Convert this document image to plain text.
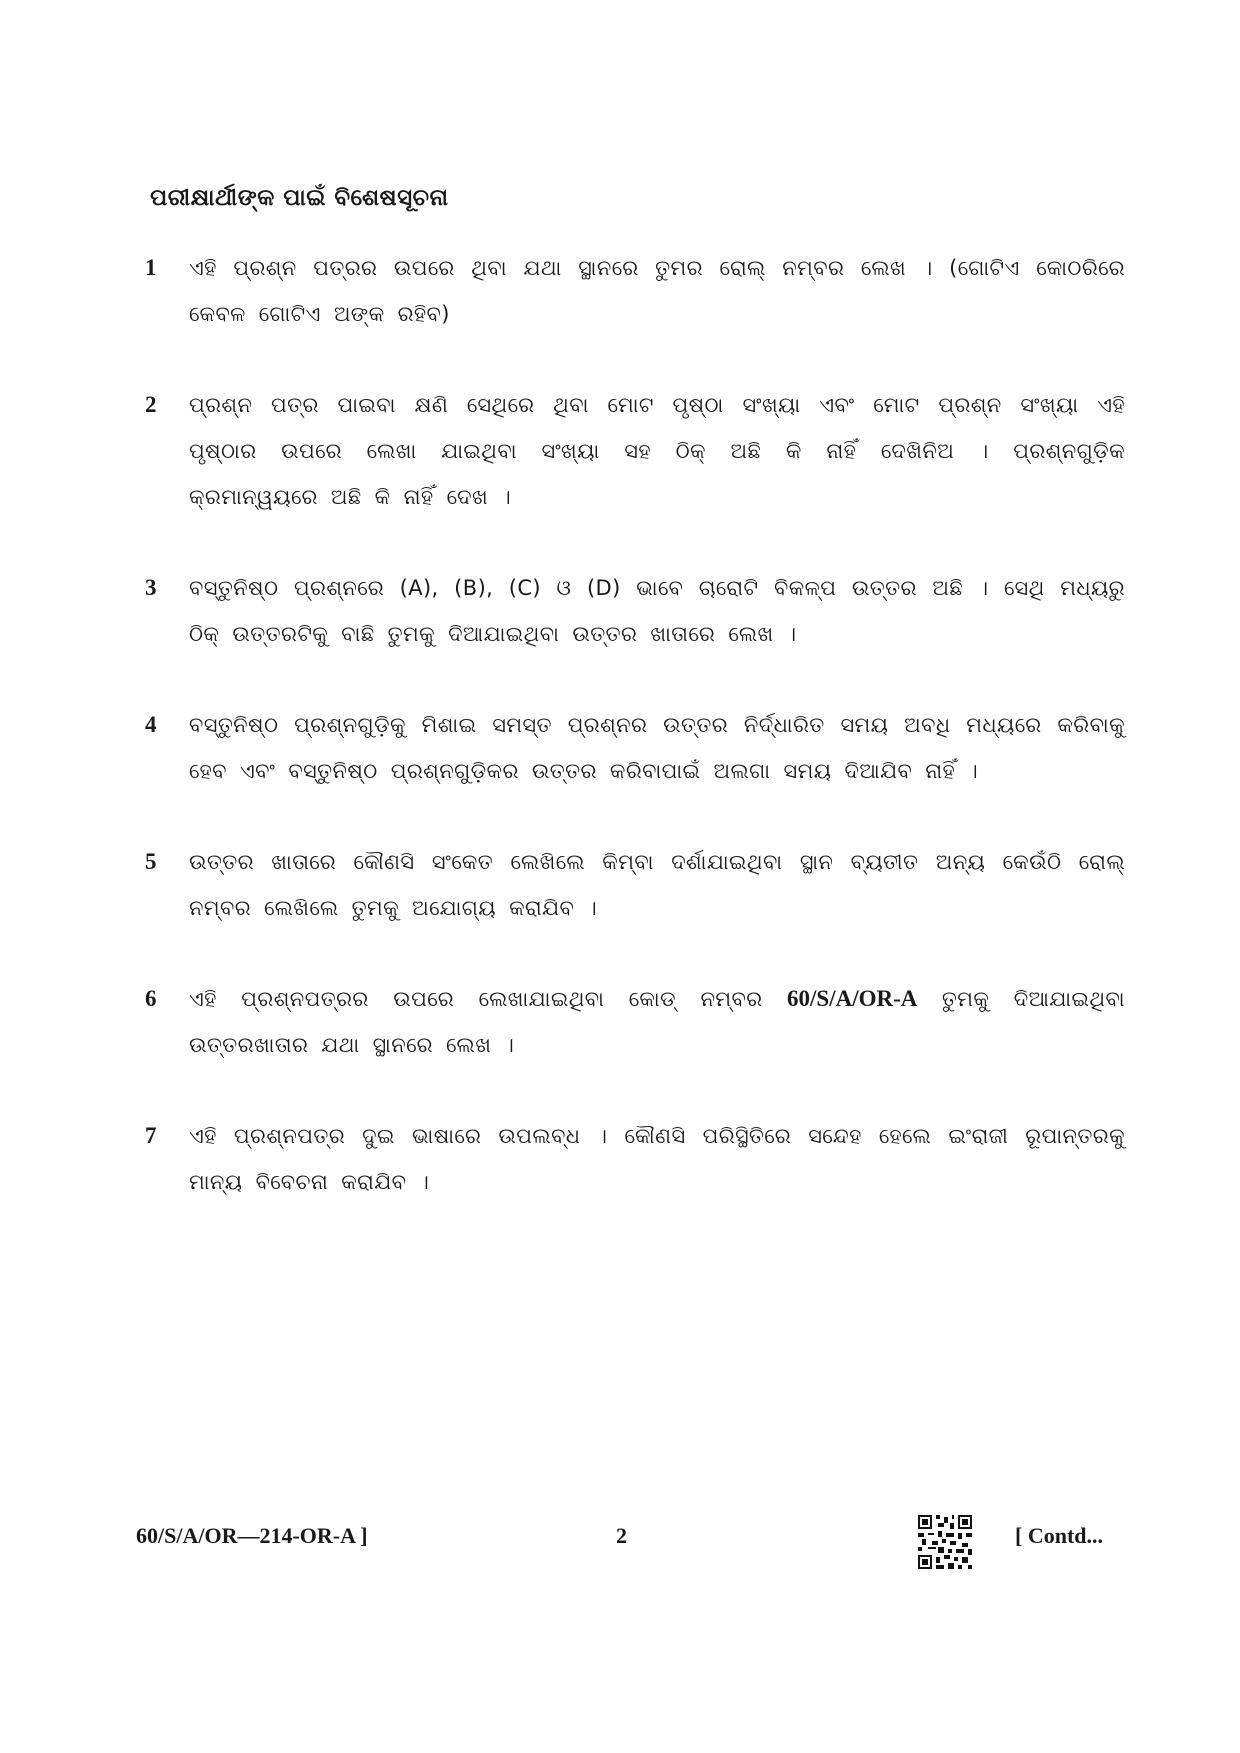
ପରୀକ୍ଷାର୍ଥୀଙ୍କ ପାଇଁ ବିଶେଷସୂଚନା
1	ଏହି ପ୍ରଶ୍ନ ପତ୍ରର ଉପରେ ଥିବା ଯଥା ସ୍ଥାନରେ ତୁମର ରୋଲ୍ ନମ୍ବର ଲେଖ । (ଗୋଟିଏ କୋଠରିରେ କେବଳ ଗୋଟିଏ ଅଙ୍କ ରହିବ)
2	ପ୍ରଶ୍ନ ପତ୍ର ପାଇବା କ୍ଷଣି ସେଥିରେ ଥିବା ମୋଟ ପୃଷ୍ଠା ସଂଖ୍ୟା ଏବଂ ମୋଟ ପ୍ରଶ୍ନ ସଂଖ୍ୟା ଏହି ପୃଷ୍ଠାର ଉପରେ ଲେଖା ଯାଇଥିବା ସଂଖ୍ୟା ସହ ଠିକ୍ ଅଛି କି ନାହିଁ ଦେଖିନିଅ । ପ୍ରଶ୍ନଗୁଡ଼ିକ କ୍ରମାନ୍ୱୟରେ ଅଛି କି ନାହିଁ ଦେଖ ।
3	ବସ୍ତୁନିଷ୍ଠ ପ୍ରଶ୍ନରେ (A), (B), (C) ଓ (D) ଭାବେ ଚାରୋଟି ବିକଳ୍ପ ଉତ୍ତର ଅଛି । ସେଥି ମଧ୍ୟରୁ ଠିକ୍ ଉତ୍ତରଟିକୁ ବାଛି ତୁମକୁ ଦିଆଯାଇଥିବା ଉତ୍ତର ଖାତାରେ ଲେଖ ।
4	ବସ୍ତୁନିଷ୍ଠ ପ୍ରଶ୍ନଗୁଡ଼ିକୁ ମିଶାଇ ସମସ୍ତ ପ୍ରଶ୍ନର ଉତ୍ତର ନିର୍ଦ୍ଧାରିତ ସମୟ ଅବଧି ମଧ୍ୟରେ କରିବାକୁ ହେବ ଏବଂ ବସ୍ତୁନିଷ୍ଠ ପ୍ରଶ୍ନଗୁଡ଼ିକର ଉତ୍ତର କରିବାପାଇଁ ଅଲଗା ସମୟ ଦିଆଯିବ ନାହିଁ ।
5	ଉତ୍ତର ଖାତାରେ କୌଣସି ସଂକେତ ଲେଖିଲେ କିମ୍ବା ଦର୍ଶାଯାଇଥିବା ସ୍ଥାନ ବ୍ୟତୀତ ଅନ୍ୟ କେଉଁଠି ରୋଲ୍ ନମ୍ବର ଲେଖିଲେ ତୁମକୁ ଅଯୋଗ୍ୟ କରାଯିବ ।
6	ଏହି ପ୍ରଶ୍ନପତ୍ରର ଉପରେ ଲେଖାଯାଇଥିବା କୋଡ୍ ନମ୍ବର 60/S/A/OR-A ତୁମକୁ ଦିଆଯାଇଥିବା ଉତ୍ତରଖାତାର ଯଥା ସ୍ଥାନରେ ଲେଖ ।
7	ଏହି ପ୍ରଶ୍ନପତ୍ର ଦୁଇ ଭାଷାରେ ଉପଲବ୍ଧ । କୌଣସି ପରିସ୍ଥିତିରେ ସନ୍ଦେହ ହେଲେ ଇଂରାଜୀ ରୂପାନ୍ତରକୁ ମାନ୍ୟ ବିବେଚନା କରାଯିବ ।
60/S/A/OR—214-OR-A ]	2	[ Contd...
